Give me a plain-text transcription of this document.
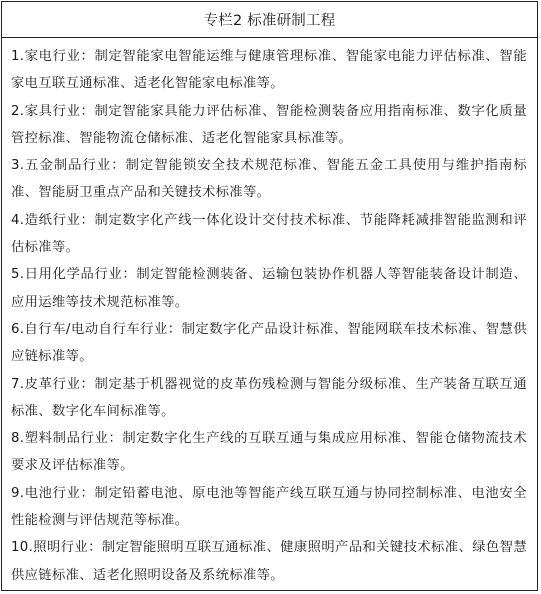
专栏2 标准研制工程
1.家电行业：制定智能家电智能运维与健康管理标准、智能家电能力评估标准、智能家电互联互通标准、适老化智能家电标准等。
2.家具行业：制定智能家具能力评估标准、智能检测装备应用指南标准、数字化质量管控标准、智能物流仓储标准、适老化智能家具标准等。
3.五金制品行业：制定智能锁安全技术规范标准、智能五金工具使用与维护指南标准、智能厨卫重点产品和关键技术标准等。
4.造纸行业：制定数字化产线一体化设计交付技术标准、节能降耗减排智能监测和评估标准等。
5.日用化学品行业：制定智能检测装备、运输包装协作机器人等智能装备设计制造、应用运维等技术规范标准等。
6.自行车/电动自行车行业：制定数字化产品设计标准、智能网联车技术标准、智慧供应链标准等。
7.皮革行业：制定基于机器视觉的皮革伤残检测与智能分级标准、生产装备互联互通标准、数字化车间标准等。
8.塑料制品行业：制定数字化生产线的互联互通与集成应用标准、智能仓储物流技术要求及评估标准等。
9.电池行业：制定铅蓄电池、原电池等智能产线互联互通与协同控制标准、电池安全性能检测与评估规范等标准。
10.照明行业：制定智能照明互联互通标准、健康照明产品和关键技术标准、绿色智慧供应链标准、适老化照明设备及系统标准等。
